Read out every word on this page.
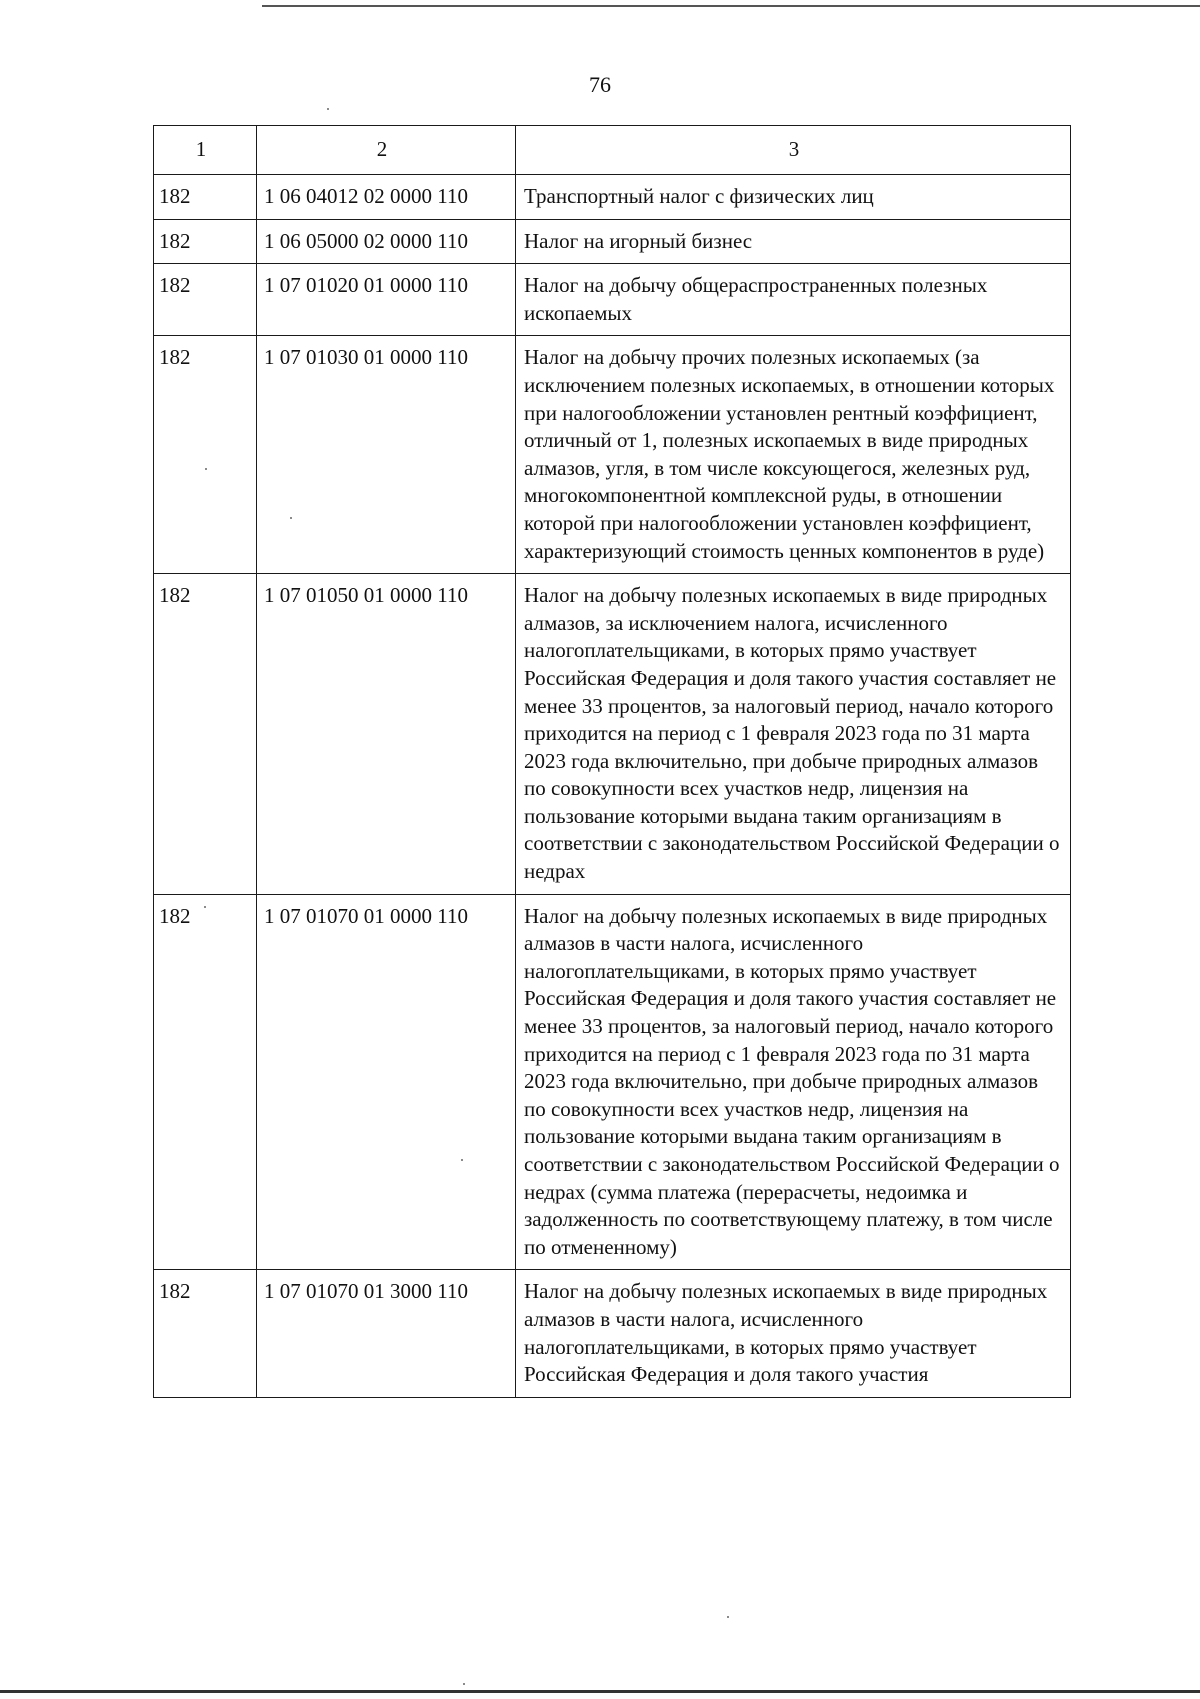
76
1	2	3
182	1 06 04012 02 0000 110	Транспортный налог с физических лиц
182	1 06 05000 02 0000 110	Налог на игорный бизнес
182	1 07 01020 01 0000 110	Налог на добычу общераспространенных полезных ископаемых
182	1 07 01030 01 0000 110	Налог на добычу прочих полезных ископаемых (за исключением полезных ископаемых, в отношении которых при налогообложении установлен рентный коэффициент, отличный от 1, полезных ископаемых в виде природных алмазов, угля, в том числе коксующегося, железных руд, многокомпонентной комплексной руды, в отношении которой при налогообложении установлен коэффициент, характеризующий стоимость ценных компонентов в руде)
182	1 07 01050 01 0000 110	Налог на добычу полезных ископаемых в виде природных алмазов, за исключением налога, исчисленного налогоплательщиками, в которых прямо участвует Российская Федерация и доля такого участия составляет не менее 33 процентов, за налоговый период, начало которого приходится на период с 1 февраля 2023 года по 31 марта 2023 года включительно, при добыче природных алмазов по совокупности всех участков недр, лицензия на пользование которыми выдана таким организациям в соответствии с законодательством Российской Федерации о недрах
182	1 07 01070 01 0000 110	Налог на добычу полезных ископаемых в виде природных алмазов в части налога, исчисленного налогоплательщиками, в которых прямо участвует Российская Федерация и доля такого участия составляет не менее 33 процентов, за налоговый период, начало которого приходится на период с 1 февраля 2023 года по 31 марта 2023 года включительно, при добыче природных алмазов по совокупности всех участков недр, лицензия на пользование которыми выдана таким организациям в соответствии с законодательством Российской Федерации о недрах (сумма платежа (перерасчеты, недоимка и задолженность по соответствующему платежу, в том числе по отмененному)
182	1 07 01070 01 3000 110	Налог на добычу полезных ископаемых в виде природных алмазов в части налога, исчисленного налогоплательщиками, в которых прямо участвует Российская Федерация и доля такого участия
